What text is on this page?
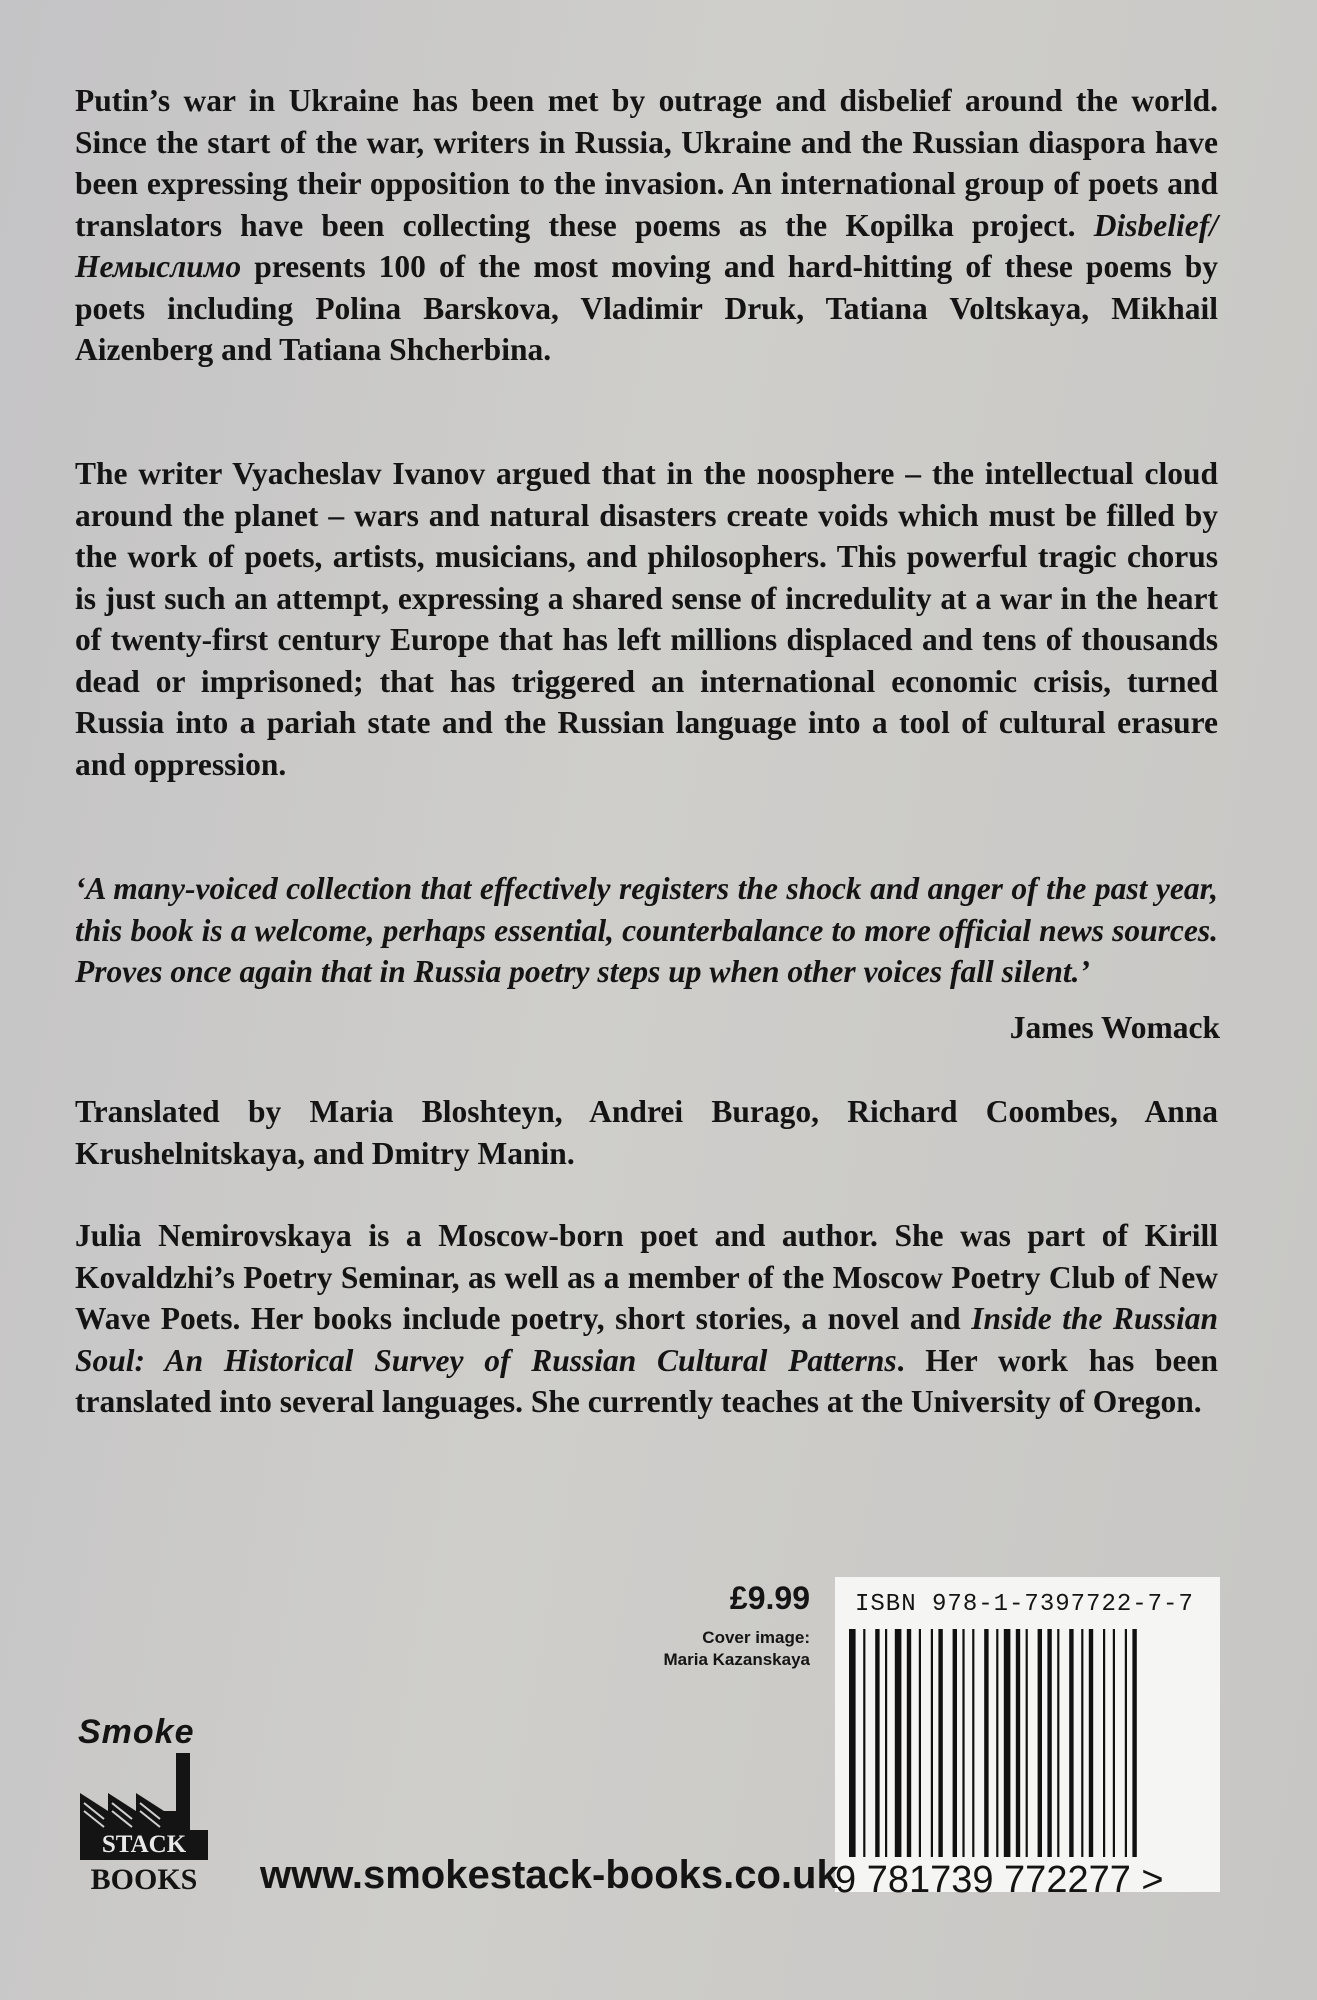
Putin’s war in Ukraine has been met by outrage and disbelief around the world. Since the start of the war, writers in Russia, Ukraine and the Russian diaspora have been expressing their opposition to the invasion. An international group of poets and translators have been collecting these poems as the Kopilka project. Disbelief/ Немыслимо presents 100 of the most moving and hard-hitting of these poems by poets including Polina Barskova, Vladimir Druk, Tatiana Voltskaya, Mikhail Aizenberg and Tatiana Shcherbina.

The writer Vyacheslav Ivanov argued that in the noosphere – the intellectual cloud around the planet – wars and natural disasters create voids which must be filled by the work of poets, artists, musicians, and philosophers. This powerful tragic chorus is just such an attempt, expressing a shared sense of incredulity at a war in the heart of twenty-first century Europe that has left millions displaced and tens of thousands dead or imprisoned; that has triggered an international economic crisis, turned Russia into a pariah state and the Russian language into a tool of cultural erasure and oppression.

‘A many-voiced collection that effectively registers the shock and anger of the past year, this book is a welcome, perhaps essential, counterbalance to more official news sources. Proves once again that in Russia poetry steps up when other voices fall silent.’

James Womack

Translated by Maria Bloshteyn, Andrei Burago, Richard Coombes, Anna Krushelnitskaya, and Dmitry Manin.

Julia Nemirovskaya is a Moscow-born poet and author. She was part of Kirill Kovaldzhi’s Poetry Seminar, as well as a member of the Moscow Poetry Club of New Wave Poets. Her books include poetry, short stories, a novel and Inside the Russian Soul: An Historical Survey of Russian Cultural Patterns. Her work has been translated into several languages. She currently teaches at the University of Oregon.

£9.99
Cover image:
Maria Kazanskaya
ISBN 978-1-7397722-7-7
9 781739 772277 >
Smoke
STACK
BOOKS	www.smokestack-books.co.uk
